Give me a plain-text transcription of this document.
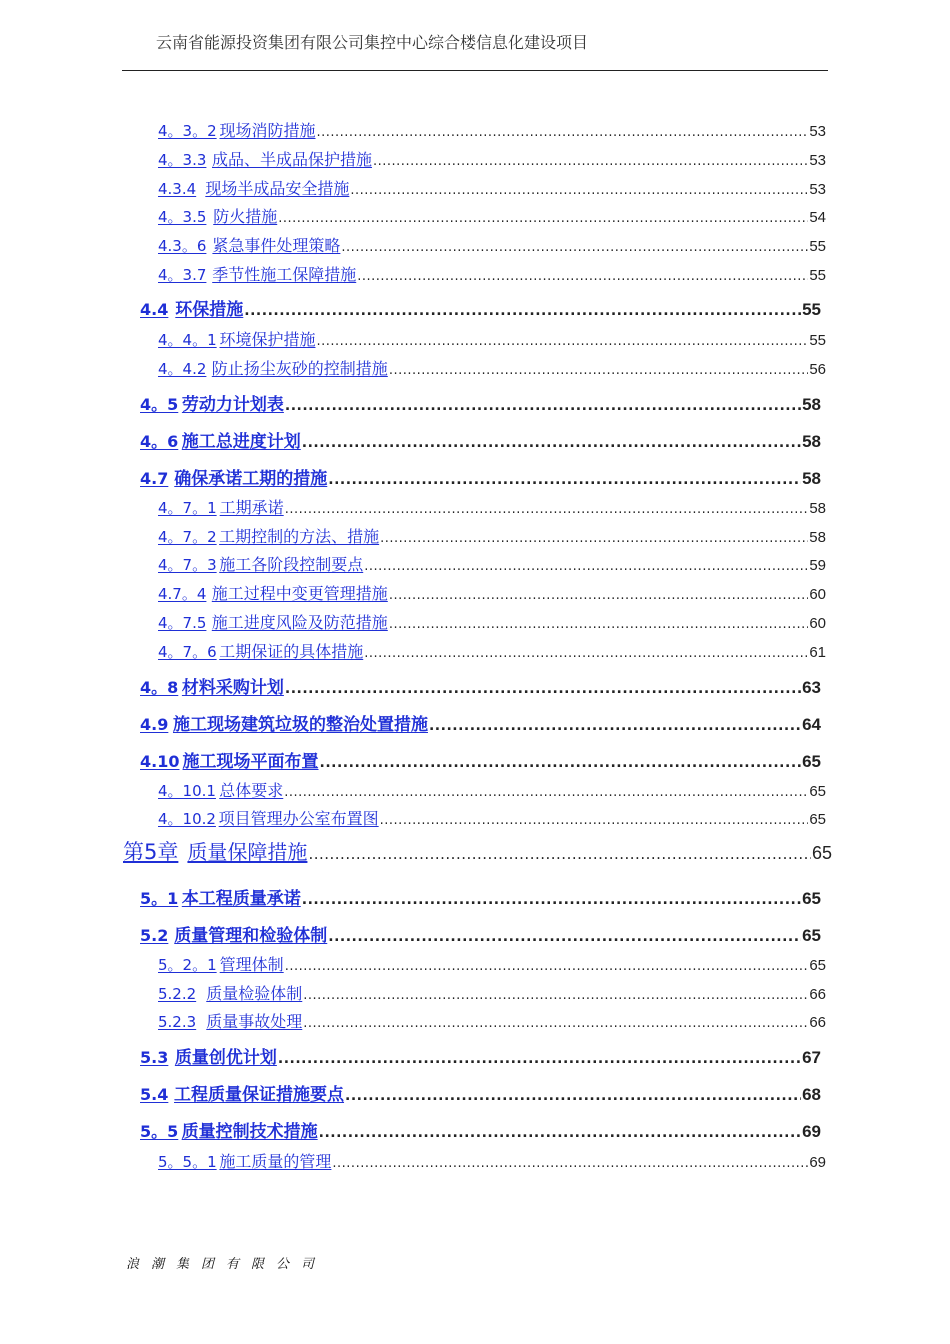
云南省能源投资集团有限公司集控中心综合楼信息化建设项目
4。3。2 现场消防措施 .....	53
4。3.3 成品、半成品保护措施 .....	53
4.3.4 现场半成品安全措施 .....	53
4。3.5 防火措施 .....	54
4.3。6 紧急事件处理策略 .....	55
4。3.7 季节性施工保障措施 .....	55
4.4 环保措施 .....	55
4。4。1 环境保护措施 .....	55
4。4.2 防止扬尘灰砂的控制措施 .....	56
4。5 劳动力计划表 .....	58
4。6 施工总进度计划 .....	58
4.7 确保承诺工期的措施 .....	58
4。7。1 工期承诺 .....	58
4。7。2 工期控制的方法、措施 .....	58
4。7。3 施工各阶段控制要点 .....	59
4.7。4 施工过程中变更管理措施 .....	60
4。7.5 施工进度风险及防范措施 .....	60
4。7。6 工期保证的具体措施 .....	61
4。8 材料采购计划 .....	63
4.9 施工现场建筑垃圾的整治处置措施 .....	64
4.10 施工现场平面布置 .....	65
4。10.1 总体要求 .....	65
4。10.2 项目管理办公室布置图 .....	65
第5章 质量保障措施 .....	65
5。1 本工程质量承诺 .....	65
5.2 质量管理和检验体制 .....	65
5。2。1 管理体制 .....	65
5.2.2 质量检验体制 .....	66
5.2.3 质量事故处理 .....	66
5.3 质量创优计划 .....	67
5.4 工程质量保证措施要点 .....	68
5。5 质量控制技术措施 .....	69
5。5。1 施工质量的管理 .....	69
浪潮集团有限公司
